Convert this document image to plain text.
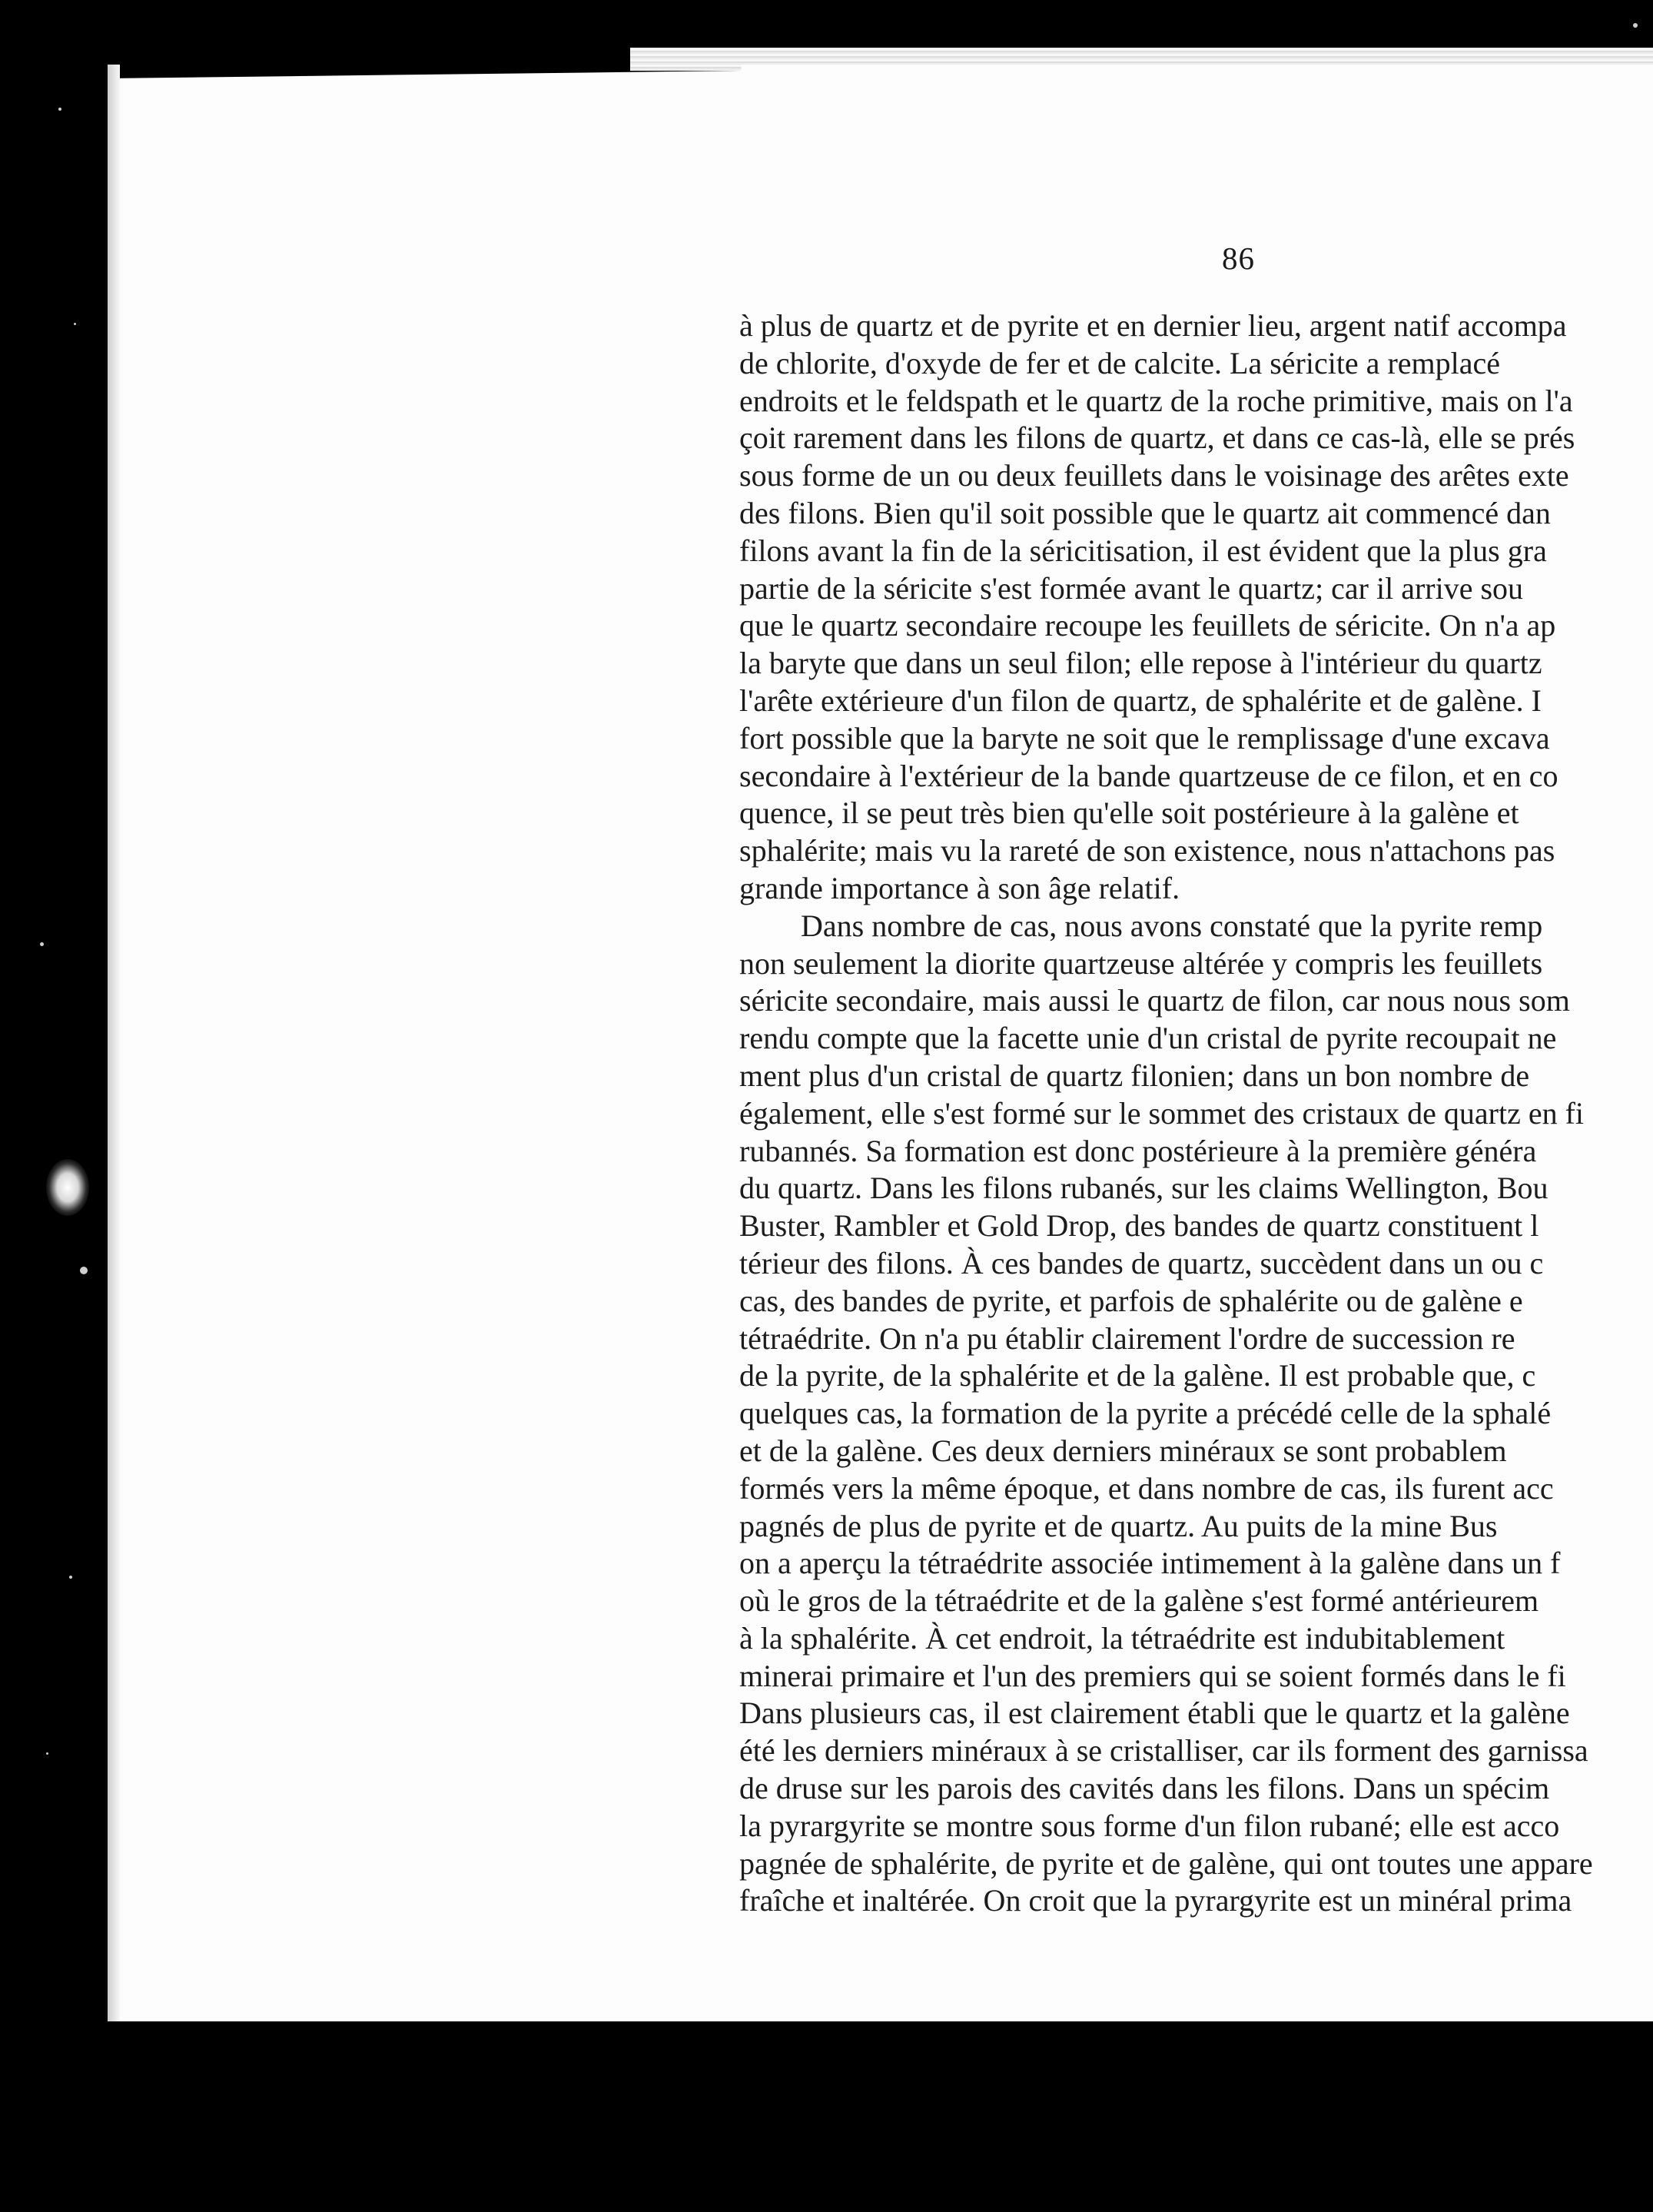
86
à plus de quartz et de pyrite et en dernier lieu, argent natif accompa
de chlorite, d'oxyde de fer et de calcite. La séricite a remplacé
endroits et le feldspath et le quartz de la roche primitive, mais on l'a
çoit rarement dans les filons de quartz, et dans ce cas-là, elle se prés
sous forme de un ou deux feuillets dans le voisinage des arêtes exte
des filons. Bien qu'il soit possible que le quartz ait commencé dan
filons avant la fin de la séricitisation, il est évident que la plus gra
partie de la séricite s'est formée avant le quartz; car il arrive sou
que le quartz secondaire recoupe les feuillets de séricite. On n'a ap
la baryte que dans un seul filon; elle repose à l'intérieur du quartz
l'arête extérieure d'un filon de quartz, de sphalérite et de galène. I
fort possible que la baryte ne soit que le remplissage d'une excava
secondaire à l'extérieur de la bande quartzeuse de ce filon, et en co
quence, il se peut très bien qu'elle soit postérieure à la galène et
sphalérite; mais vu la rareté de son existence, nous n'attachons pas
grande importance à son âge relatif.
Dans nombre de cas, nous avons constaté que la pyrite remp
non seulement la diorite quartzeuse altérée y compris les feuillets
séricite secondaire, mais aussi le quartz de filon, car nous nous som
rendu compte que la facette unie d'un cristal de pyrite recoupait ne
ment plus d'un cristal de quartz filonien; dans un bon nombre de
également, elle s'est formé sur le sommet des cristaux de quartz en fi
rubannés. Sa formation est donc postérieure à la première généra
du quartz. Dans les filons rubanés, sur les claims Wellington, Bou
Buster, Rambler et Gold Drop, des bandes de quartz constituent l
térieur des filons. À ces bandes de quartz, succèdent dans un ou c
cas, des bandes de pyrite, et parfois de sphalérite ou de galène e
tétraédrite. On n'a pu établir clairement l'ordre de succession re
de la pyrite, de la sphalérite et de la galène. Il est probable que, c
quelques cas, la formation de la pyrite a précédé celle de la sphalé
et de la galène. Ces deux derniers minéraux se sont probablem
formés vers la même époque, et dans nombre de cas, ils furent acc
pagnés de plus de pyrite et de quartz. Au puits de la mine Bus
on a aperçu la tétraédrite associée intimement à la galène dans un f
où le gros de la tétraédrite et de la galène s'est formé antérieurem
à la sphalérite. À cet endroit, la tétraédrite est indubitablement
minerai primaire et l'un des premiers qui se soient formés dans le fi
Dans plusieurs cas, il est clairement établi que le quartz et la galène
été les derniers minéraux à se cristalliser, car ils forment des garnissa
de druse sur les parois des cavités dans les filons. Dans un spécim
la pyrargyrite se montre sous forme d'un filon rubané; elle est acco
pagnée de sphalérite, de pyrite et de galène, qui ont toutes une appare
fraîche et inaltérée. On croit que la pyrargyrite est un minéral prima
